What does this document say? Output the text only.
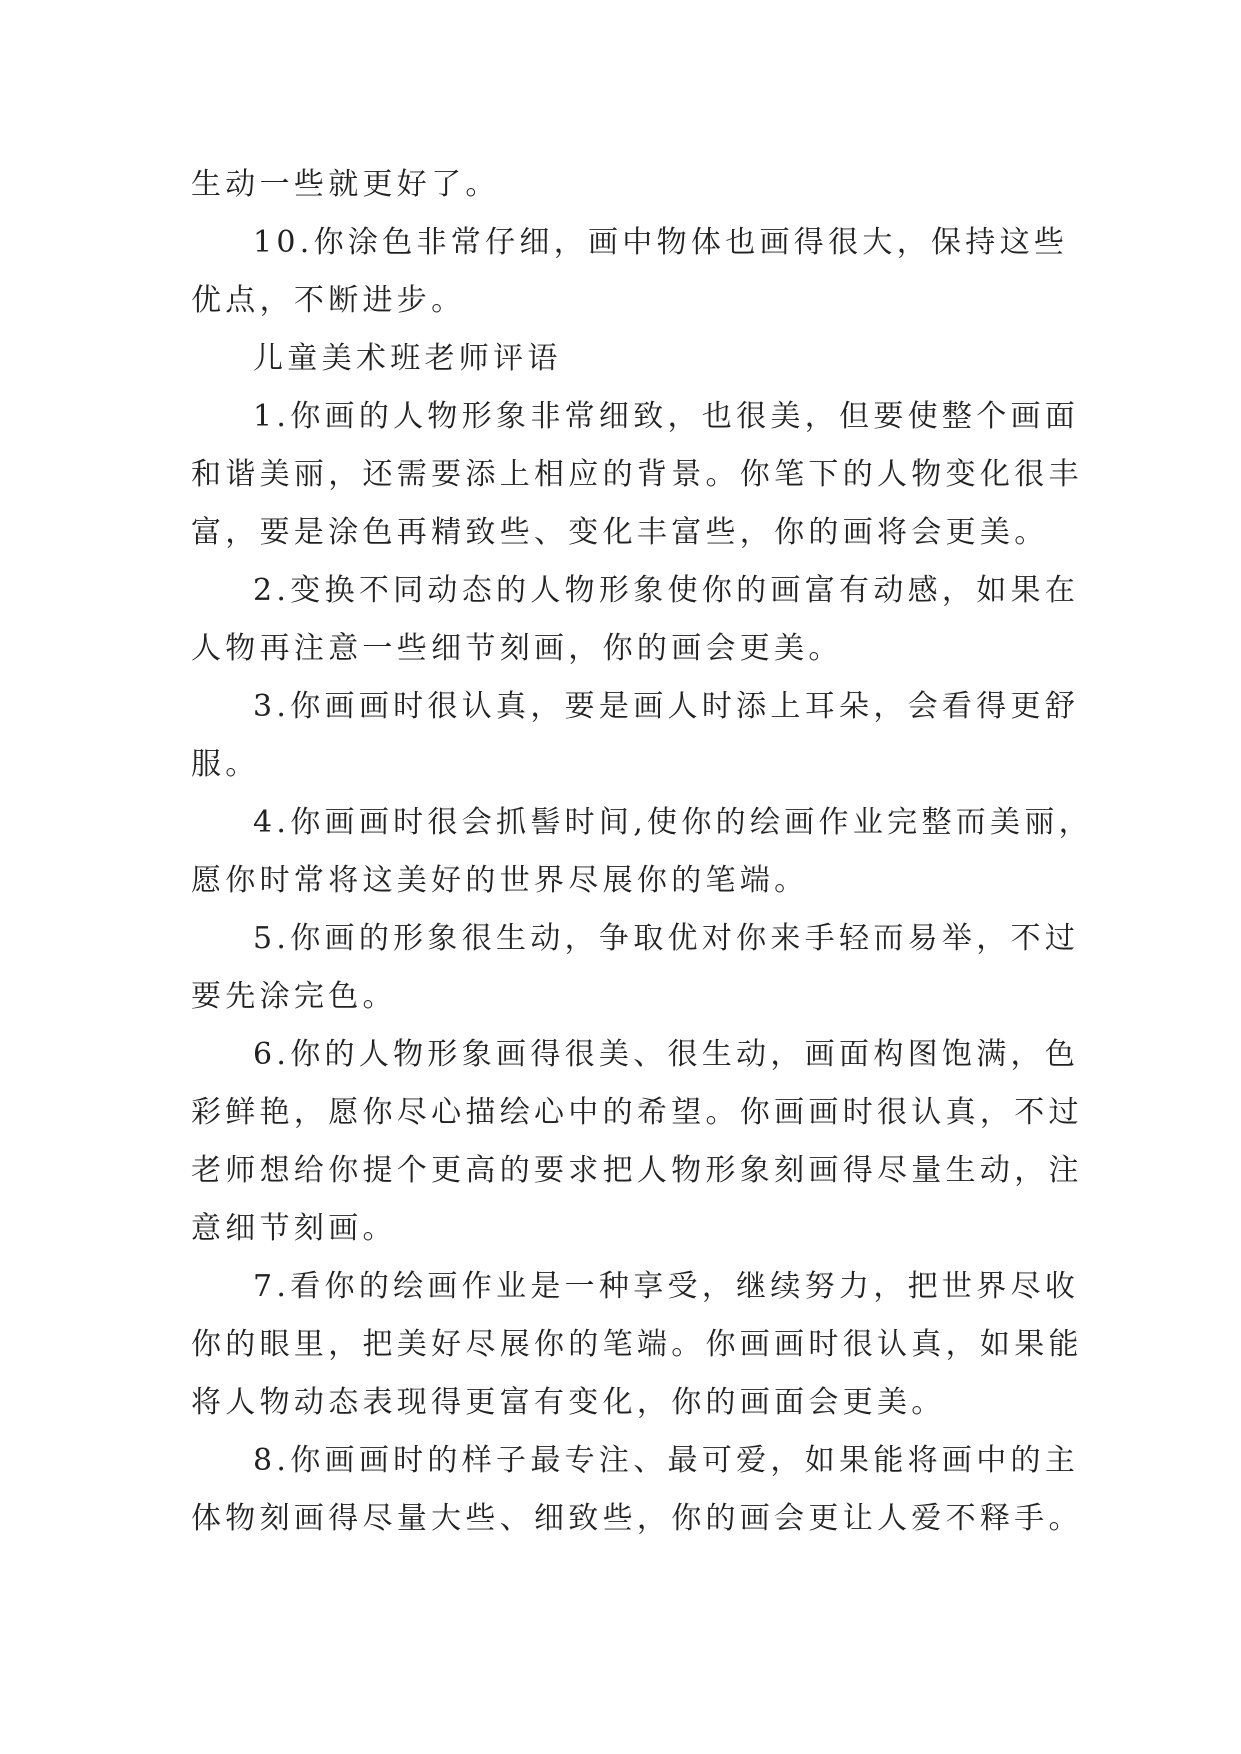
生动一些就更好了。
10.你涂色非常仔细，画中物体也画得很大，保持这些
优点，不断进步。
儿童美术班老师评语
1.你画的人物形象非常细致，也很美，但要使整个画面
和谐美丽，还需要添上相应的背景。你笔下的人物变化很丰
富，要是涂色再精致些、变化丰富些，你的画将会更美。
2.变换不同动态的人物形象使你的画富有动感，如果在
人物再注意一些细节刻画，你的画会更美。
3.你画画时很认真，要是画人时添上耳朵，会看得更舒
服。
4.你画画时很会抓髻时间,使你的绘画作业完整而美丽，
愿你时常将这美好的世界尽展你的笔端。
5.你画的形象很生动，争取优对你来手轻而易举，不过
要先涂完色。
6.你的人物形象画得很美、很生动，画面构图饱满，色
彩鲜艳，愿你尽心描绘心中的希望。你画画时很认真，不过
老师想给你提个更高的要求把人物形象刻画得尽量生动，注
意细节刻画。
7.看你的绘画作业是一种享受，继续努力，把世界尽收
你的眼里，把美好尽展你的笔端。你画画时很认真，如果能
将人物动态表现得更富有变化，你的画面会更美。
8.你画画时的样子最专注、最可爱，如果能将画中的主
体物刻画得尽量大些、细致些，你的画会更让人爱不释手。
